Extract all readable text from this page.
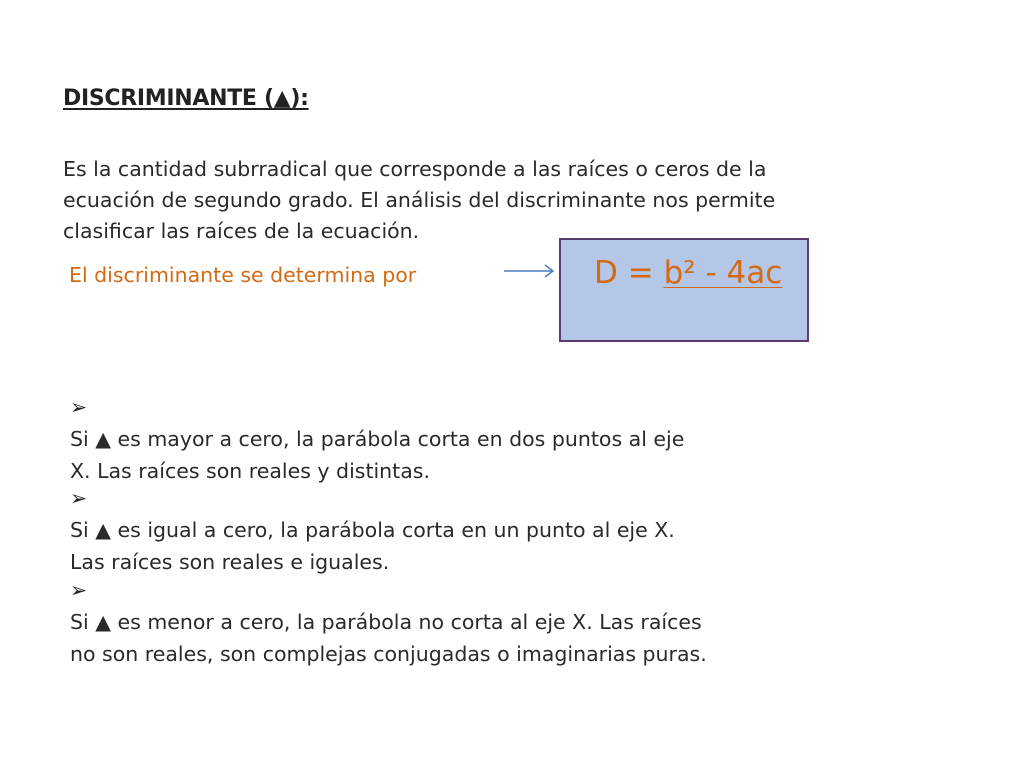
DISCRIMINANTE (▲):
Es la cantidad subrradical que corresponde a las raíces o ceros de la
ecuación de segundo grado. El análisis del discriminante nos permite
clasificar las raíces de la ecuación.
El discriminante se determina por	D = b² - 4ac
➢
Si ▲ es mayor a cero, la parábola corta en dos puntos al eje
X. Las raíces son reales y distintas.
➢
Si ▲ es igual a cero, la parábola corta en un punto al eje X.
Las raíces son reales e iguales.
➢
Si ▲ es menor a cero, la parábola no corta al eje X. Las raíces
no son reales, son complejas conjugadas o imaginarias puras.
